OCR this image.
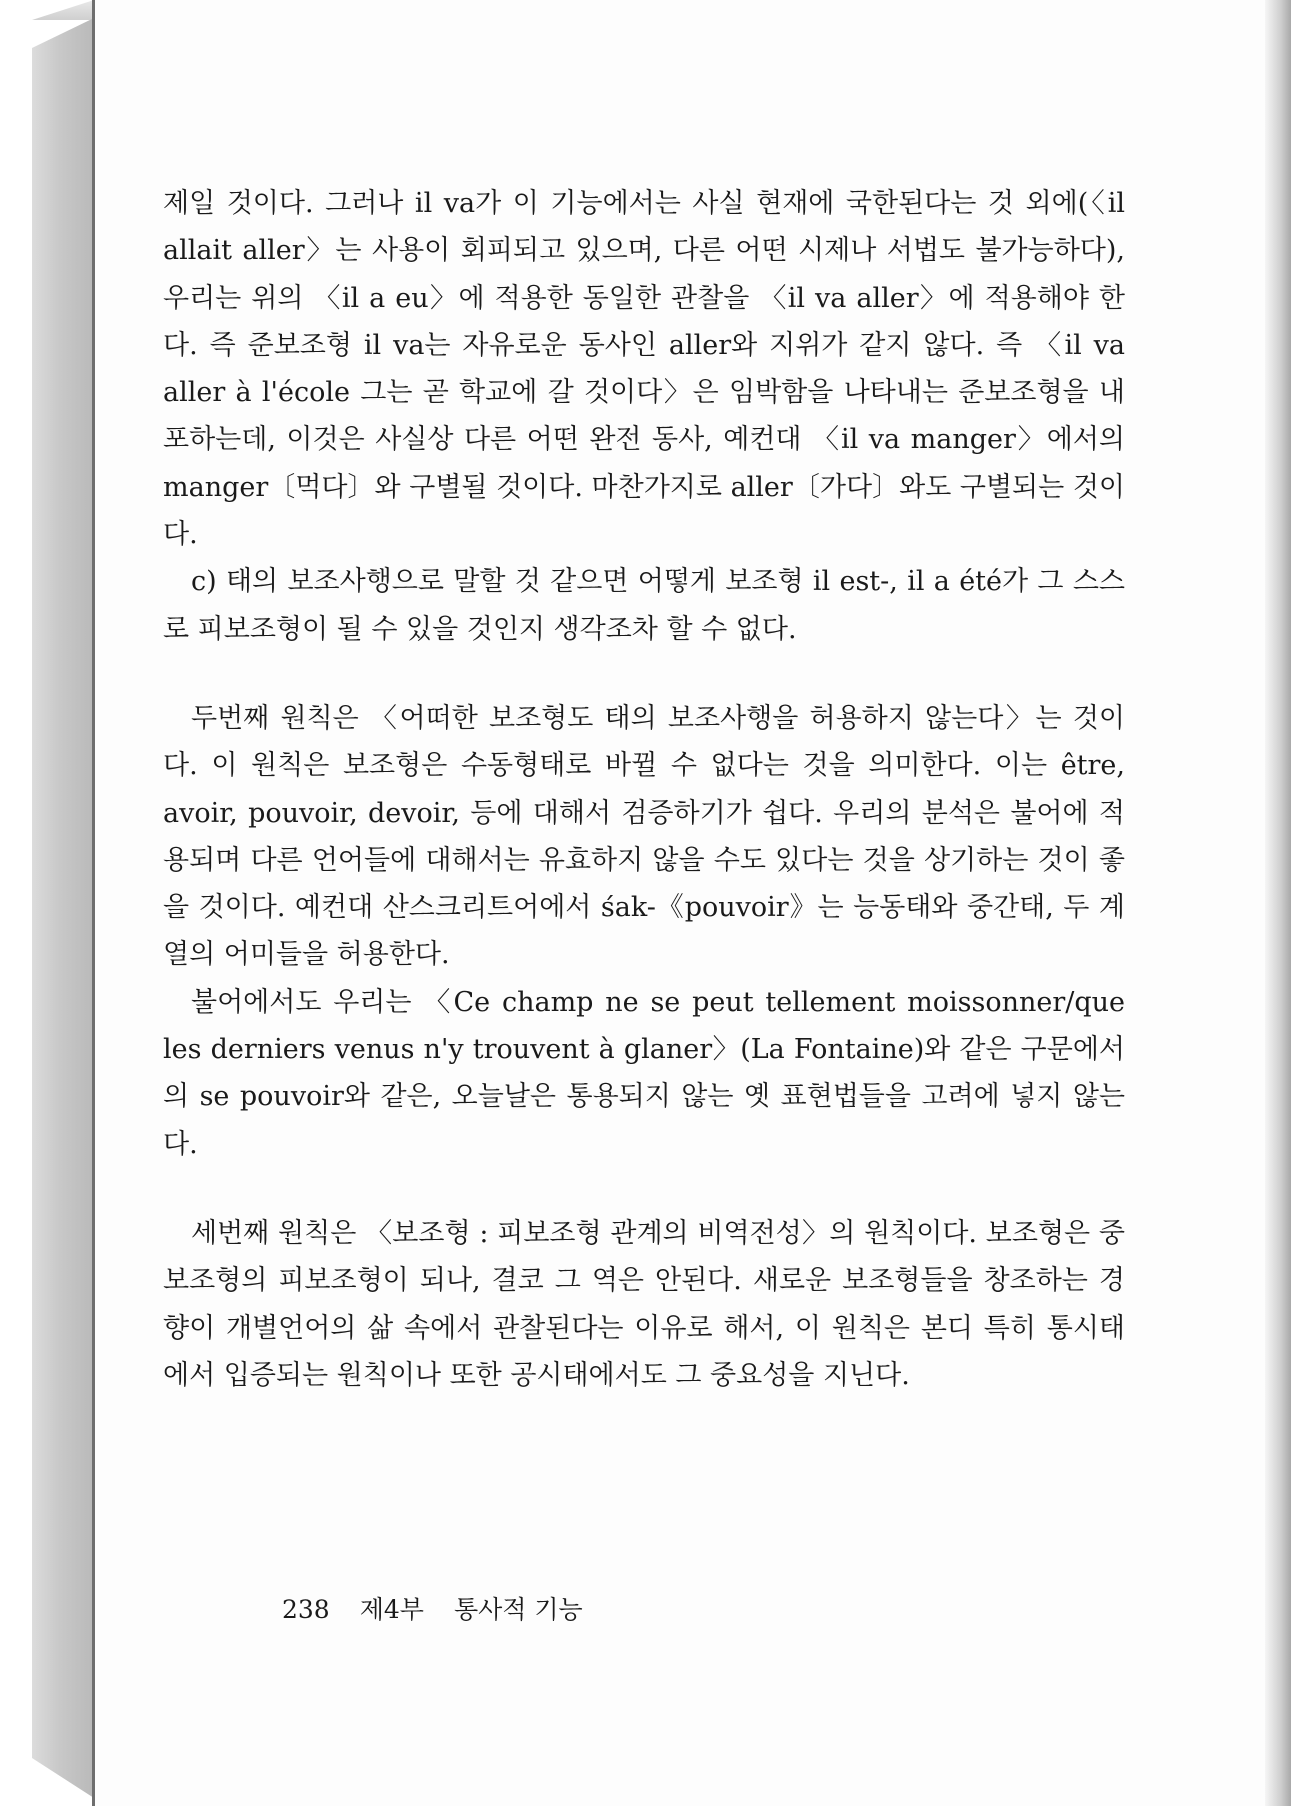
제일 것이다. 그러나 il va가 이 기능에서는 사실 현재에 국한된다는 것 외에(〈il allait aller〉는 사용이 회피되고 있으며, 다른 어떤 시제나 서법도 불가능하다), 우리는 위의 〈il a eu〉에 적용한 동일한 관찰을 〈il va aller〉에 적용해야 한다. 즉 준보조형 il va는 자유로운 동사인 aller와 지위가 같지 않다. 즉 〈il va aller à l'école 그는 곧 학교에 갈 것이다〉은 임박함을 나타내는 준보조형을 내포하는데, 이것은 사실상 다른 어떤 완전 동사, 예컨대 〈il va manger〉에서의 manger〔먹다〕와 구별될 것이다. 마찬가지로 aller〔가다〕와도 구별되는 것이다.

c) 태의 보조사행으로 말할 것 같으면 어떻게 보조형 il est-, il a été가 그 스스로 피보조형이 될 수 있을 것인지 생각조차 할 수 없다.

두번째 원칙은 〈어떠한 보조형도 태의 보조사행을 허용하지 않는다〉는 것이다. 이 원칙은 보조형은 수동형태로 바뀔 수 없다는 것을 의미한다. 이는 être, avoir, pouvoir, devoir, 등에 대해서 검증하기가 쉽다. 우리의 분석은 불어에 적용되며 다른 언어들에 대해서는 유효하지 않을 수도 있다는 것을 상기하는 것이 좋을 것이다. 예컨대 산스크리트어에서 śak-《pouvoir》는 능동태와 중간태, 두 계열의 어미들을 허용한다.

불어에서도 우리는 〈Ce champ ne se peut tellement moissonner/que les derniers venus n'y trouvent à glaner〉(La Fontaine)와 같은 구문에서의 se pouvoir와 같은, 오늘날은 통용되지 않는 옛 표현법들을 고려에 넣지 않는다.

세번째 원칙은 〈보조형 : 피보조형 관계의 비역전성〉의 원칙이다. 보조형은 중보조형의 피보조형이 되나, 결코 그 역은 안된다. 새로운 보조형들을 창조하는 경향이 개별언어의 삶 속에서 관찰된다는 이유로 해서, 이 원칙은 본디 특히 통시태에서 입증되는 원칙이나 또한 공시태에서도 그 중요성을 지닌다.

238 제4부 통사적 기능
